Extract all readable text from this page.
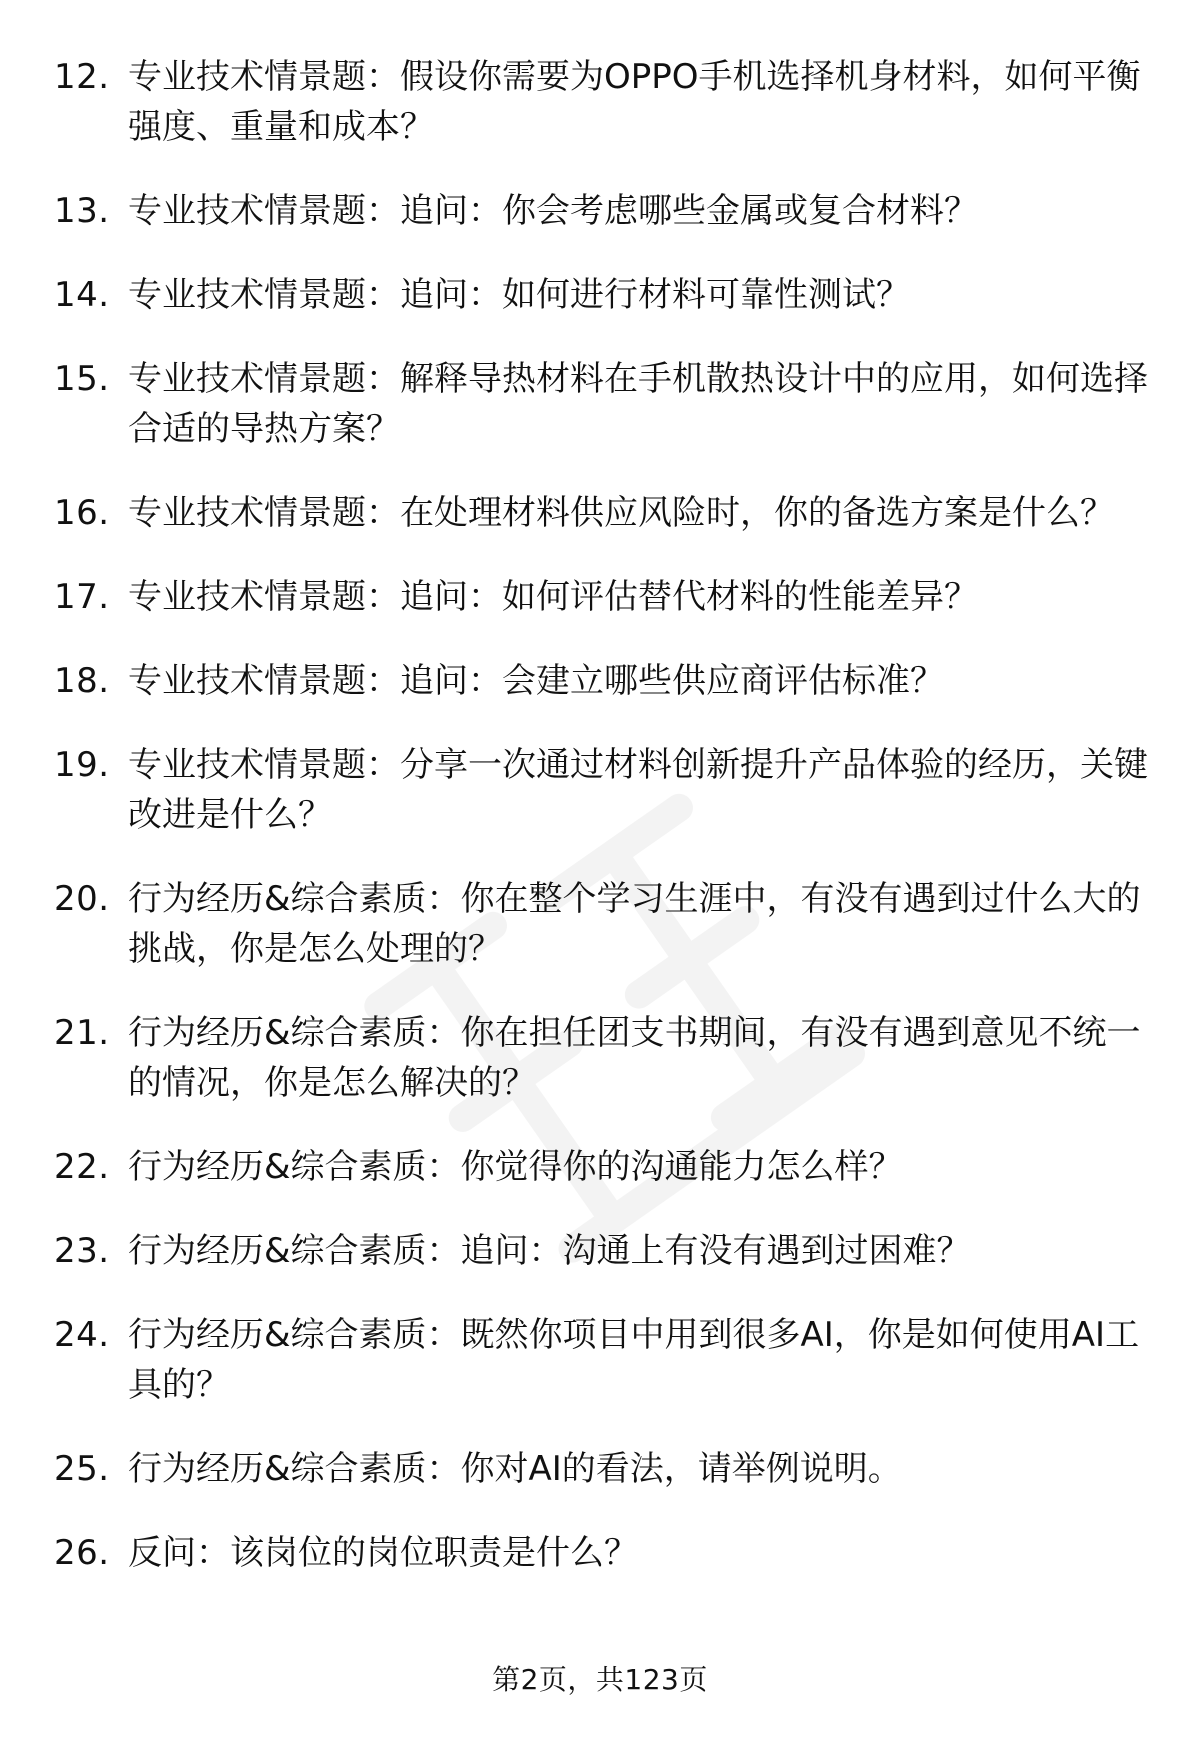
12. 专业技术情景题：假设你需要为OPPO手机选择机身材料，如何平衡强度、重量和成本？
13. 专业技术情景题：追问：你会考虑哪些金属或复合材料？
14. 专业技术情景题：追问：如何进行材料可靠性测试？
15. 专业技术情景题：解释导热材料在手机散热设计中的应用，如何选择合适的导热方案？
16. 专业技术情景题：在处理材料供应风险时，你的备选方案是什么？
17. 专业技术情景题：追问：如何评估替代材料的性能差异？
18. 专业技术情景题：追问：会建立哪些供应商评估标准？
19. 专业技术情景题：分享一次通过材料创新提升产品体验的经历，关键改进是什么？
20. 行为经历&综合素质：你在整个学习生涯中，有没有遇到过什么大的挑战，你是怎么处理的？
21. 行为经历&综合素质：你在担任团支书期间，有没有遇到意见不统一的情况，你是怎么解决的？
22. 行为经历&综合素质：你觉得你的沟通能力怎么样？
23. 行为经历&综合素质：追问：沟通上有没有遇到过困难？
24. 行为经历&综合素质：既然你项目中用到很多AI，你是如何使用AI工具的？
25. 行为经历&综合素质：你对AI的看法，请举例说明。
26. 反问：该岗位的岗位职责是什么？
第2页，共123页
